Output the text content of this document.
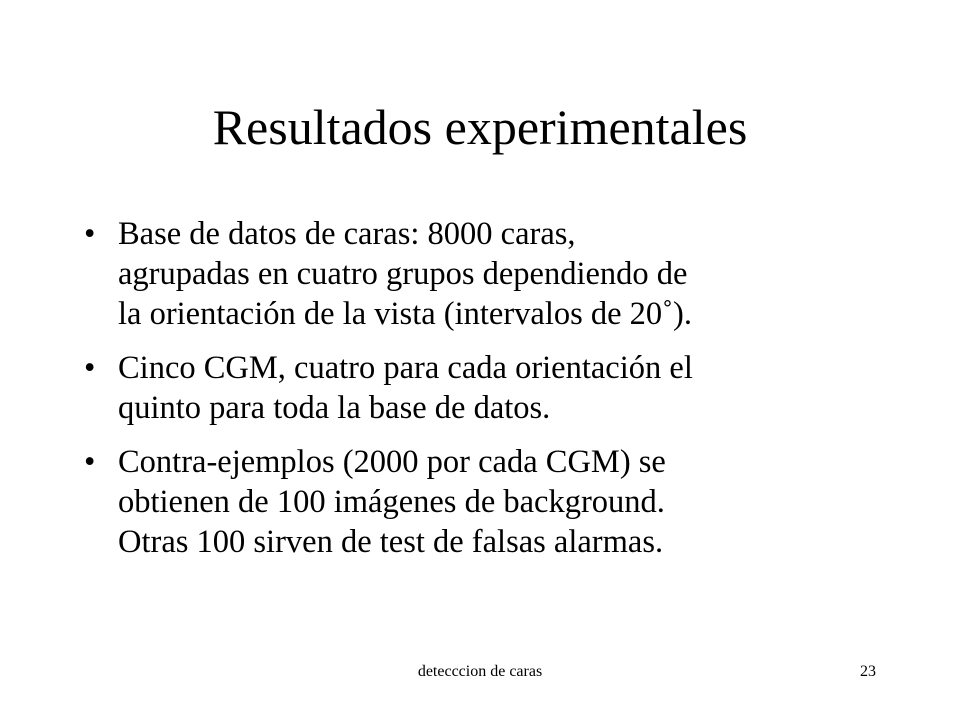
Resultados experimentales
• Base de datos de caras: 8000 caras,
agrupadas en cuatro grupos dependiendo de
la orientación de la vista (intervalos de 20˚).
• Cinco CGM, cuatro para cada orientación el
quinto para toda la base de datos.
• Contra-ejemplos (2000 por cada CGM) se
obtienen de 100 imágenes de background.
Otras 100 sirven de test de falsas alarmas.
detecccion de caras	23
